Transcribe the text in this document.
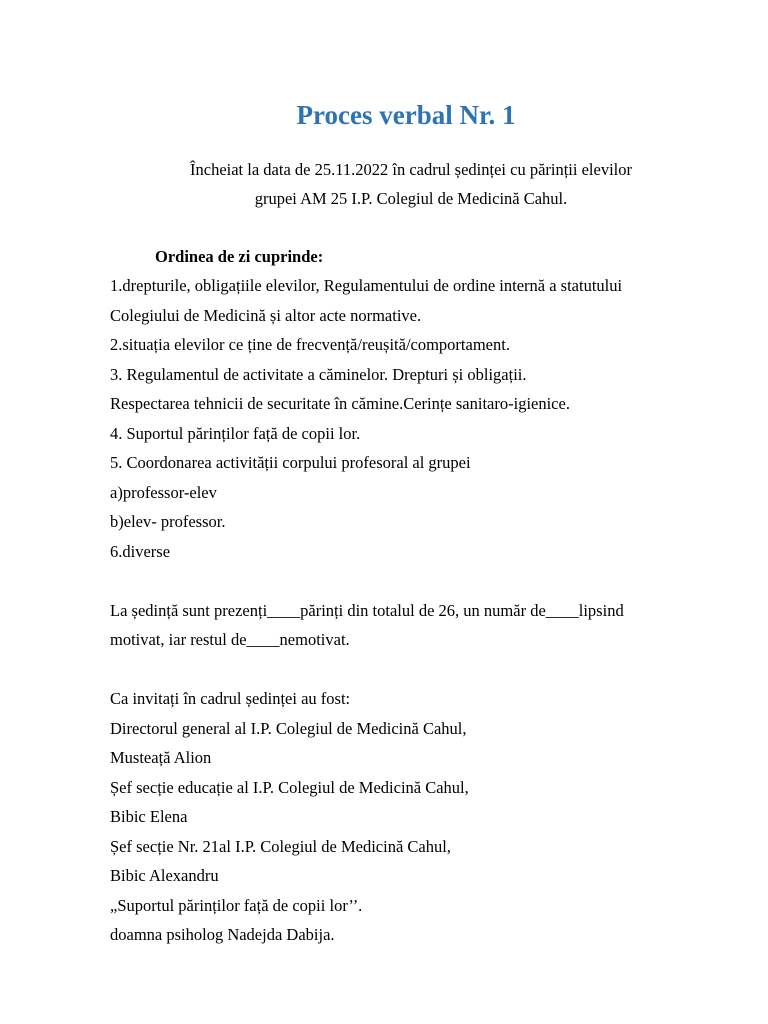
Proces verbal Nr. 1
Încheiat la data de 25.11.2022 în cadrul ședinței cu părinții elevilor
grupei AM 25 I.P. Colegiul de Medicină Cahul.
Ordinea de zi cuprinde:
1.drepturile, obligațiile elevilor, Regulamentului de ordine internă a statutului
Colegiului de Medicină și altor acte normative.
2.situația elevilor ce ține de frecvență/reușită/comportament.
3. Regulamentul de activitate a căminelor. Drepturi și obligații.
Respectarea tehnicii de securitate în cămine.Cerințe sanitaro-igienice.
4. Suportul părinților față de copii lor.
5. Coordonarea activității corpului profesoral al grupei
a)professor-elev
b)elev- professor.
6.diverse
La ședință sunt prezenți____părinți din totalul de 26, un număr de____lipsind
motivat, iar restul de____nemotivat.
Ca invitați în cadrul ședinței au fost:
Directorul general al I.P. Colegiul de Medicină Cahul,
Musteață Alion
Șef secție educație al I.P. Colegiul de Medicină Cahul,
Bibic Elena
Șef secție Nr. 21al I.P. Colegiul de Medicină Cahul,
Bibic Alexandru
„Suportul părinților față de copii lor’’.
doamna psiholog Nadejda Dabija.
